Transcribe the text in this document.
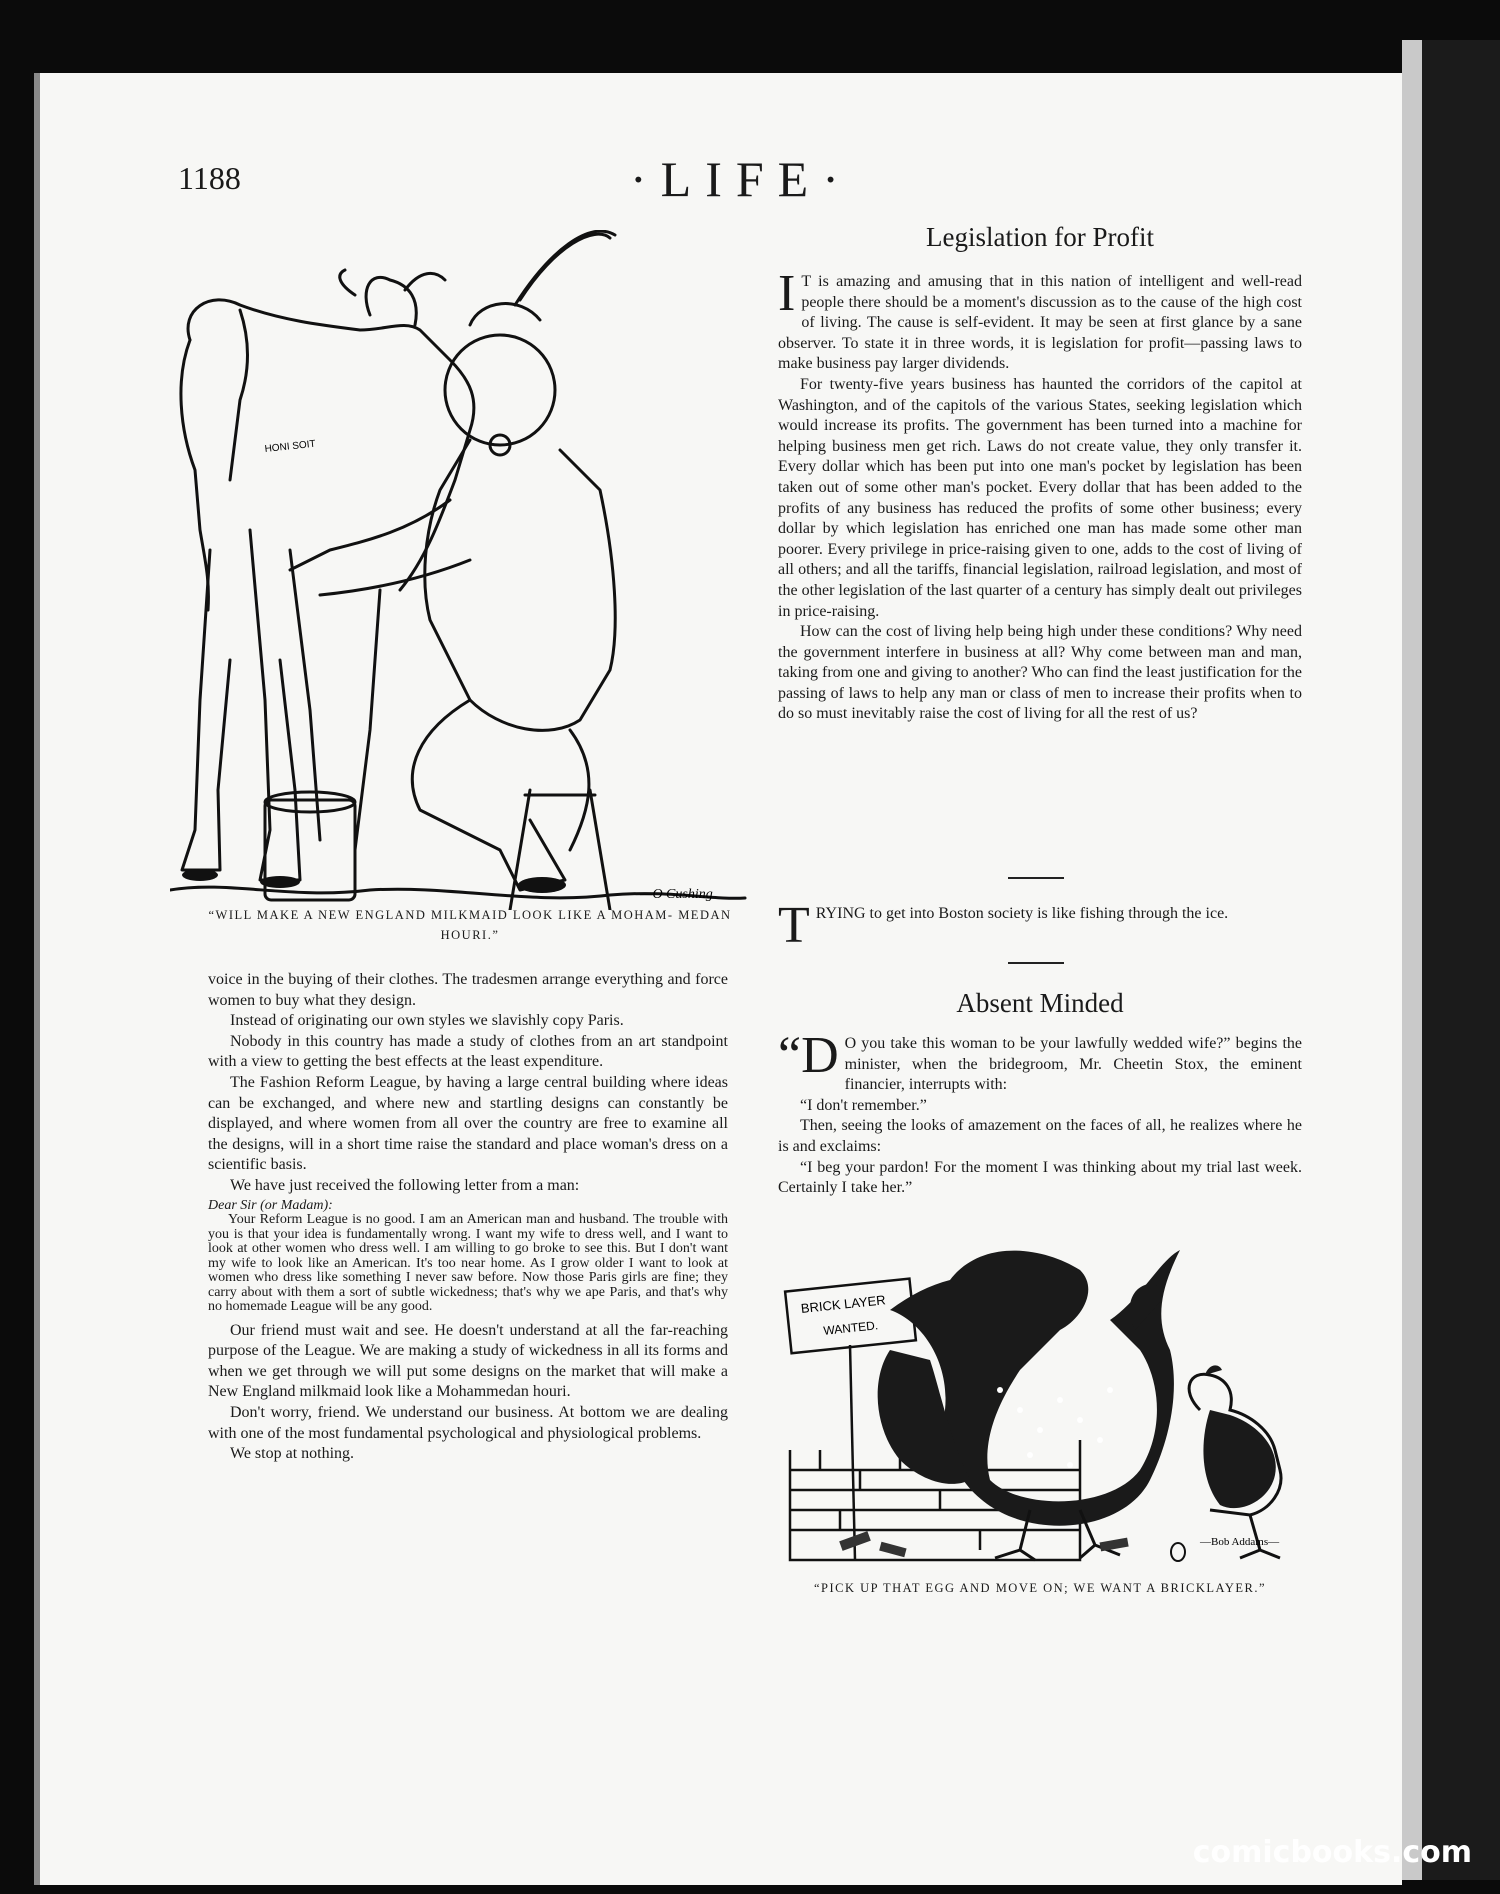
1188	·LIFE·
HONI SOIT
—O Cushing
“WILL MAKE A NEW ENGLAND MILKMAID LOOK LIKE A MOHAM- MEDAN HOURI.”

voice in the buying of their clothes. The tradesmen arrange everything and force women to buy what they design.

Instead of originating our own styles we slavishly copy Paris.

Nobody in this country has made a study of clothes from an art standpoint with a view to getting the best effects at the least expenditure.

The Fashion Reform League, by having a large central building where ideas can be exchanged, and where new and startling designs can constantly be displayed, and where women from all over the country are free to examine all the designs, will in a short time raise the standard and place woman's dress on a scientific basis.

We have just received the following letter from a man:

Dear Sir (or Madam):

Your Reform League is no good. I am an American man and husband. The trouble with you is that your idea is fundamentally wrong. I want my wife to dress well, and I want to look at other women who dress well. I am willing to go broke to see this. But I don't want my wife to look like an American. It's too near home. As I grow older I want to look at women who dress like something I never saw before. Now those Paris girls are fine; they carry about with them a sort of subtle wickedness; that's why we ape Paris, and that's why no homemade League will be any good.

Our friend must wait and see. He doesn't understand at all the far-reaching purpose of the League. We are making a study of wickedness in all its forms and when we get through we will put some designs on the market that will make a New England milkmaid look like a Mohammedan houri.

Don't worry, friend. We understand our business. At bottom we are dealing with one of the most fundamental psychological and physiological problems.

We stop at nothing.

Legislation for Profit

I T is amazing and amusing that in this nation of intelligent and well-read people there should be a moment's discussion as to the cause of the high cost of living. The cause is self-evident. It may be seen at first glance by a sane observer. To state it in three words, it is legislation for profit—passing laws to make business pay larger dividends.

For twenty-five years business has haunted the corridors of the capitol at Washington, and of the capitols of the various States, seeking legislation which would increase its profits. The government has been turned into a machine for helping business men get rich. Laws do not create value, they only transfer it. Every dollar which has been put into one man's pocket by legislation has been taken out of some other man's pocket. Every dollar that has been added to the profits of any business has reduced the profits of some other business; every dollar by which legislation has enriched one man has made some other man poorer. Every privilege in price-raising given to one, adds to the cost of living of all others; and all the tariffs, financial legislation, railroad legislation, and most of the other legislation of the last quarter of a century has simply dealt out privileges in price-raising.

How can the cost of living help being high under these conditions? Why need the government interfere in business at all? Why come between man and man, taking from one and giving to another? Who can find the least justification for the passing of laws to help any man or class of men to increase their profits when to do so must inevitably raise the cost of living for all the rest of us?

TRYING to get into Boston society is like fishing through the ice.

Absent Minded

“D O you take this woman to be your lawfully wedded wife?” begins the minister, when the bridegroom, Mr. Cheetin Stox, the eminent financier, interrupts with:

“I don't remember.”

Then, seeing the looks of amazement on the faces of all, he realizes where he is and exclaims:

“I beg your pardon! For the moment I was thinking about my trial last week. Certainly I take her.”

BRICK LAYER
WANTED.
—Bob Addams—
“PICK UP THAT EGG AND MOVE ON; WE WANT A BRICKLAYER.”
comicbooks.com
